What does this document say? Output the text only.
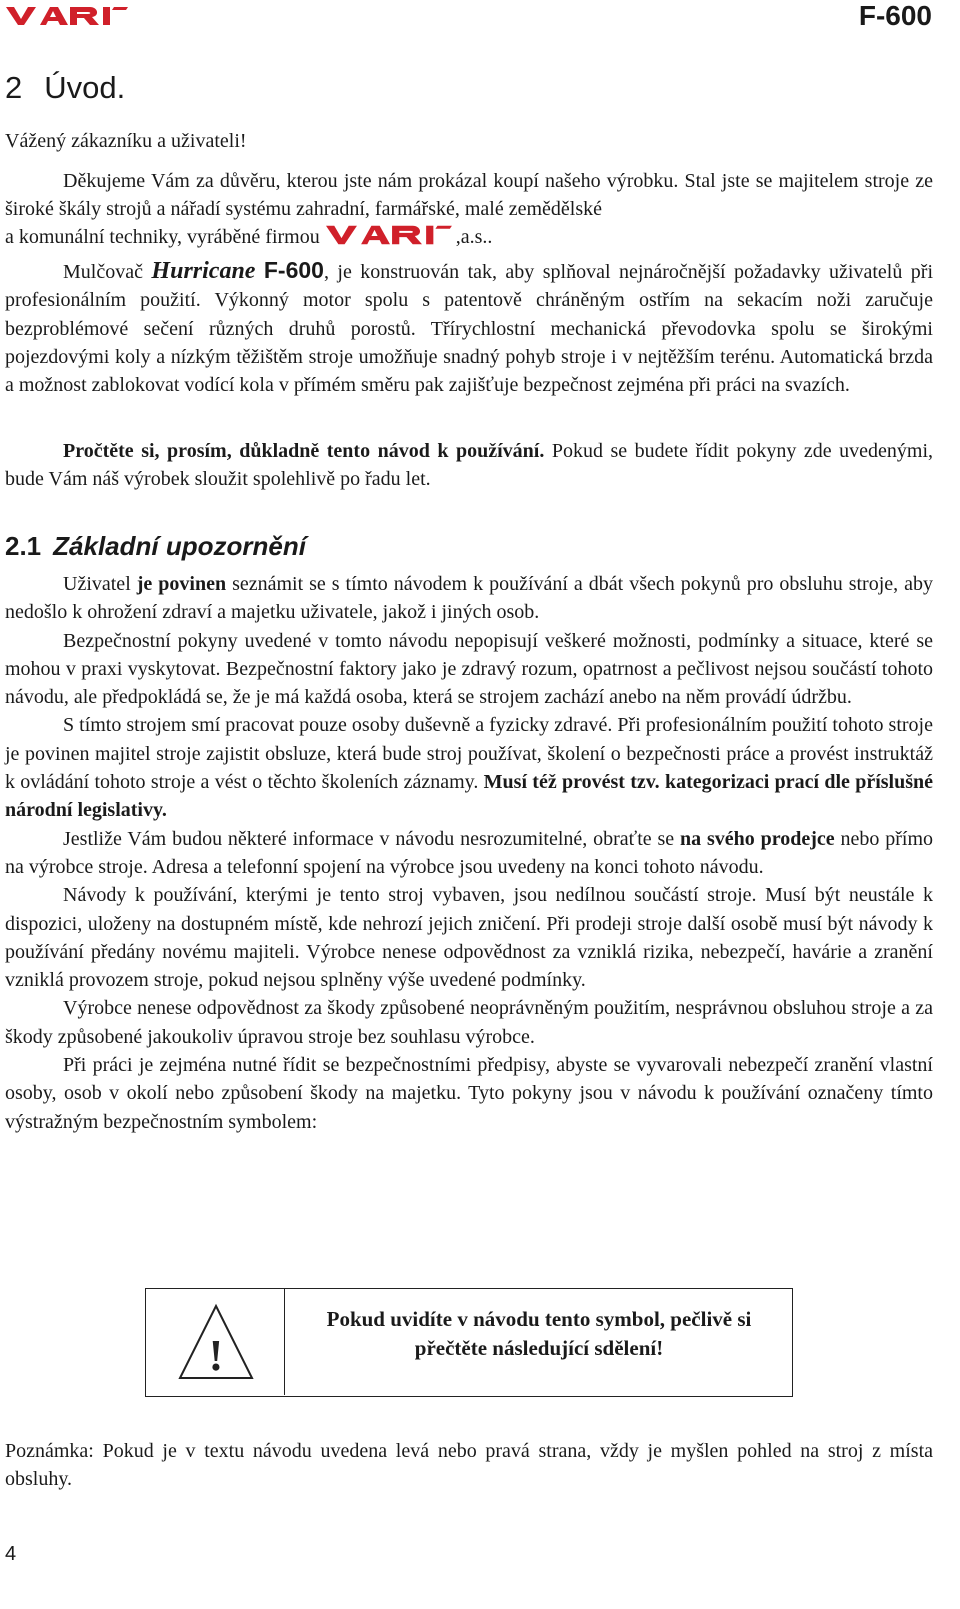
F-600
2 Úvod.

Vážený zákazníku a uživateli!

Děkujeme Vám za důvěru, kterou jste nám prokázal koupí našeho výrobku. Stal jste se majitelem stroje ze široké škály strojů a nářadí systému zahradní, farmářské, malé zemědělské

a komunální techniky, vyráběné firmou	,a.s..

Mulčovač Hurricane F-600, je konstruován tak, aby splňoval nejnáročnější požadavky uživatelů při profesionálním použití. Výkonný motor spolu s patentově chráněným ostřím na sekacím noži zaručuje bezproblémové sečení různých druhů porostů. Třírychlostní mechanická převodovka spolu se širokými pojezdovými koly a nízkým těžištěm stroje umožňuje snadný pohyb stroje i v nejtěžším terénu. Automatická brzda a možnost zablokovat vodící kola v přímém směru pak zajišťuje bezpečnost zejména při práci na svazích.

Pročtěte si, prosím, důkladně tento návod k používání. Pokud se budete řídit pokyny zde uvedenými, bude Vám náš výrobek sloužit spolehlivě po řadu let.

2.1 Základní upozornění

Uživatel je povinen seznámit se s tímto návodem k používání a dbát všech pokynů pro obsluhu stroje, aby nedošlo k ohrožení zdraví a majetku uživatele, jakož i jiných osob.

Bezpečnostní pokyny uvedené v tomto návodu nepopisují veškeré možnosti, podmínky a situace, které se mohou v praxi vyskytovat. Bezpečnostní faktory jako je zdravý rozum, opatrnost a pečlivost nejsou součástí tohoto návodu, ale předpokládá se, že je má každá osoba, která se strojem zachází anebo na něm provádí údržbu.

S tímto strojem smí pracovat pouze osoby duševně a fyzicky zdravé. Při profesionálním použití tohoto stroje je povinen majitel stroje zajistit obsluze, která bude stroj používat, školení o bezpečnosti práce a provést instruktáž k ovládání tohoto stroje a vést o těchto školeních záznamy. Musí též provést tzv. kategorizaci prací dle příslušné národní legislativy.

Jestliže Vám budou některé informace v návodu nesrozumitelné, obraťte se na svého prodejce nebo přímo na výrobce stroje. Adresa a telefonní spojení na výrobce jsou uvedeny na konci tohoto návodu.

Návody k používání, kterými je tento stroj vybaven, jsou nedílnou součástí stroje. Musí být neustále k dispozici, uloženy na dostupném místě, kde nehrozí jejich zničení. Při prodeji stroje další osobě musí být návody k používání předány novému majiteli. Výrobce nenese odpovědnost za vzniklá rizika, nebezpečí, havárie a zranění vzniklá provozem stroje, pokud nejsou splněny výše uvedené podmínky.

Výrobce nenese odpovědnost za škody způsobené neoprávněným použitím, nesprávnou obsluhou stroje a za škody způsobené jakoukoliv úpravou stroje bez souhlasu výrobce.

Při práci je zejména nutné řídit se bezpečnostními předpisy, abyste se vyvarovali nebezpečí zranění vlastní osoby, osob v okolí nebo způsobení škody na majetku. Tyto pokyny jsou v návodu k používání označeny tímto výstražným bezpečnostním symbolem:

!
Pokud uvidíte v návodu tento symbol, pečlivě si
přečtěte následující sdělení!

Poznámka: Pokud je v textu návodu uvedena levá nebo pravá strana, vždy je myšlen pohled na stroj z místa obsluhy.

4
